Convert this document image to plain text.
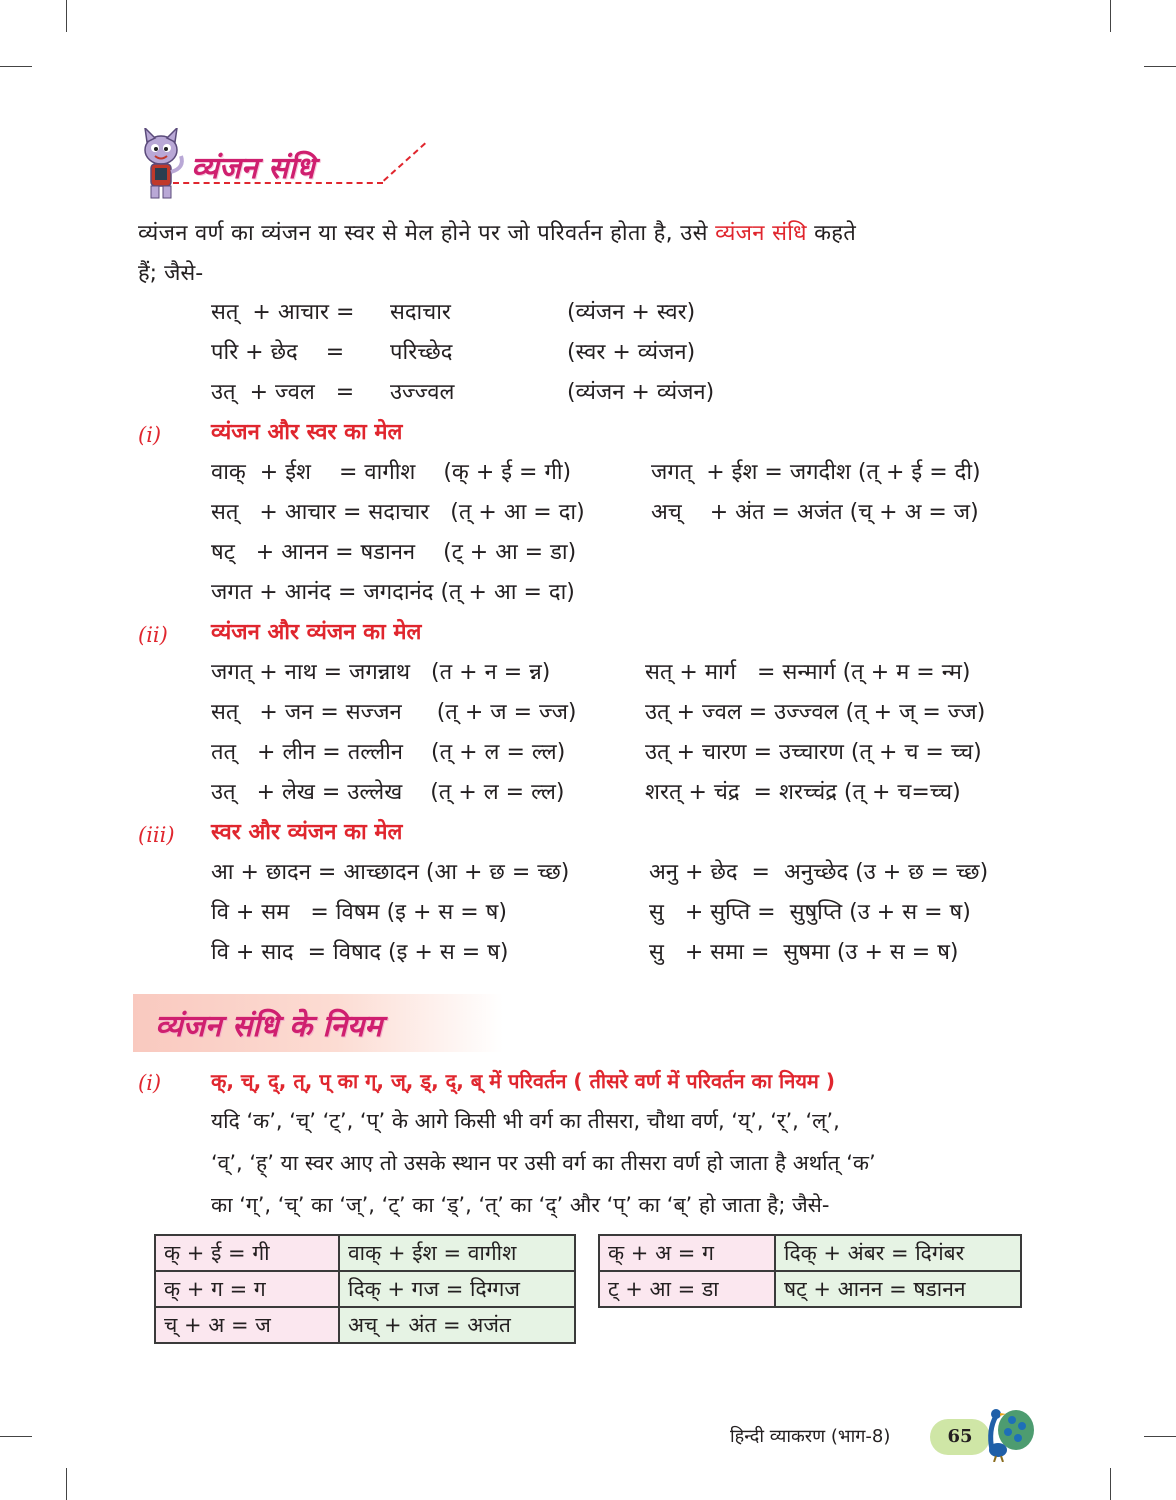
व्यंजन संधि
व्यंजन वर्ण का व्यंजन या स्वर से मेल होने पर जो परिवर्तन होता है, उसे व्यंजन संधि कहते
हैं; जैसे-
सत्  + आचार = सदाचार	(व्यंजन + स्वर)
परि + छेद    = परिच्छेद	(स्वर + व्यंजन)
उत्  + ज्वल   = उज्ज्वल	(व्यंजन + व्यंजन)
(i) व्यंजन और स्वर का मेल
वाक्  + ईश    = वागीश    (क् + ई = गी)	जगत्  + ईश = जगदीश (त् + ई = दी)
सत्   + आचार = सदाचार   (त् + आ = दा)	अच्    + अंत = अजंत (च् + अ = ज)
षट्   + आनन = षडानन    (ट् + आ = डा)
जगत + आनंद = जगदानंद (त् + आ = दा)
(ii) व्यंजन और व्यंजन का मेल
जगत् + नाथ = जगन्नाथ   (त + न = न्न)	सत् + मार्ग   = सन्मार्ग (त् + म = न्म)
सत्   + जन = सज्जन     (त् + ज = ज्ज)	उत् + ज्वल = उज्ज्वल (त् + ज् = ज्ज)
तत्   + लीन = तल्लीन    (त् + ल = ल्ल)	उत् + चारण = उच्चारण (त् + च = च्च)
उत्   + लेख = उल्लेख    (त् + ल = ल्ल)	शरत् + चंद्र  = शरच्चंद्र (त् + च=च्च)
(iii) स्वर और व्यंजन का मेल
आ + छादन = आच्छादन (आ + छ = च्छ)	अनु + छेद  =  अनुच्छेद (उ + छ = च्छ)
वि + सम   = विषम (इ + स = ष)	सु   + सुप्ति =  सुषुप्ति (उ + स = ष)
वि + साद  = विषाद (इ + स = ष)	सु   + समा =  सुषमा (उ + स = ष)
व्यंजन संधि के नियम
(i) क्, च्, द्, त्, प् का ग्, ज्, ड्, द्, ब् में परिवर्तन ( तीसरे वर्ण में परिवर्तन का नियम )
यदि ‘क’, ‘च्’ ‘ट्’, ‘प्’ के आगे किसी भी वर्ग का तीसरा, चौथा वर्ण, ‘य्’, ‘र्’, ‘ल्’,
‘व्’, ‘ह्’ या स्वर आए तो उसके स्थान पर उसी वर्ग का तीसरा वर्ण हो जाता है अर्थात् ‘क’
का ‘ग्’, ‘च्’ का ‘ज्’, ‘ट्’ का ‘ड्’, ‘त्’ का ‘द्’ और ‘प्’ का ‘ब्’ हो जाता है; जैसे-
क् + ई = गी	वाक् + ईश = वागीश
क् + ग = ग	दिक् + गज = दिग्गज
च् + अ = ज	अच् + अंत = अजंत
क् + अ = ग	दिक् + अंबर = दिगंबर
ट् + आ = डा	षट् + आनन = षडानन
हिन्दी व्याकरण (भाग-8)	65
